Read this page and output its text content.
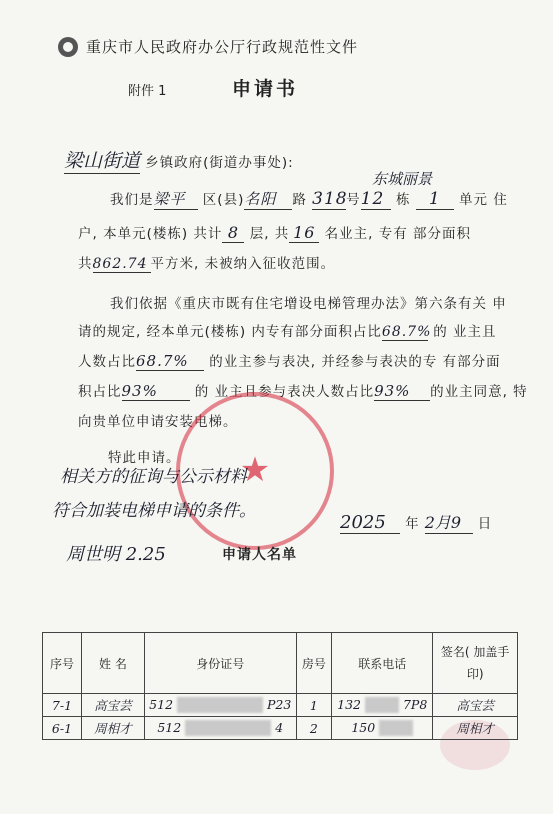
重庆市人民政府办公厅行政规范性文件
附件 1	申请书
梁山街道 乡镇政府(街道办事处):
东城丽景
我们是梁平 区(县)名阳 路 318号12 栋 1 单元 住
户, 本单元(楼栋) 共计 8 层, 共 16 名业主, 专有 部分面积
共862.74 平方米, 未被纳入征收范围。
我们依据《重庆市既有住宅增设电梯管理办法》第六条有关 申
请的规定, 经本单元(楼栋) 内专有部分面积占比68.7% 的 业主且
人数占比68.7% 的业主参与表决, 并经参与表决的专 有部分面
积占比93%	的 业主且参与表决人数占比93% 的业主同意, 特
向贵单位申请安装电梯。
★
特此申请。
相关方的征询与公示材料
符合加装电梯申请的条件。
2025 年 2月9 日
周世明 2.25	申请人名单
序号	姓 名	身份证号	房号	联系电话	签名( 加盖手印)
7-1	高宝芸	512 P23	1	132 7P8	高宝芸
6-1	周相才	512 4	2	150	周相才
